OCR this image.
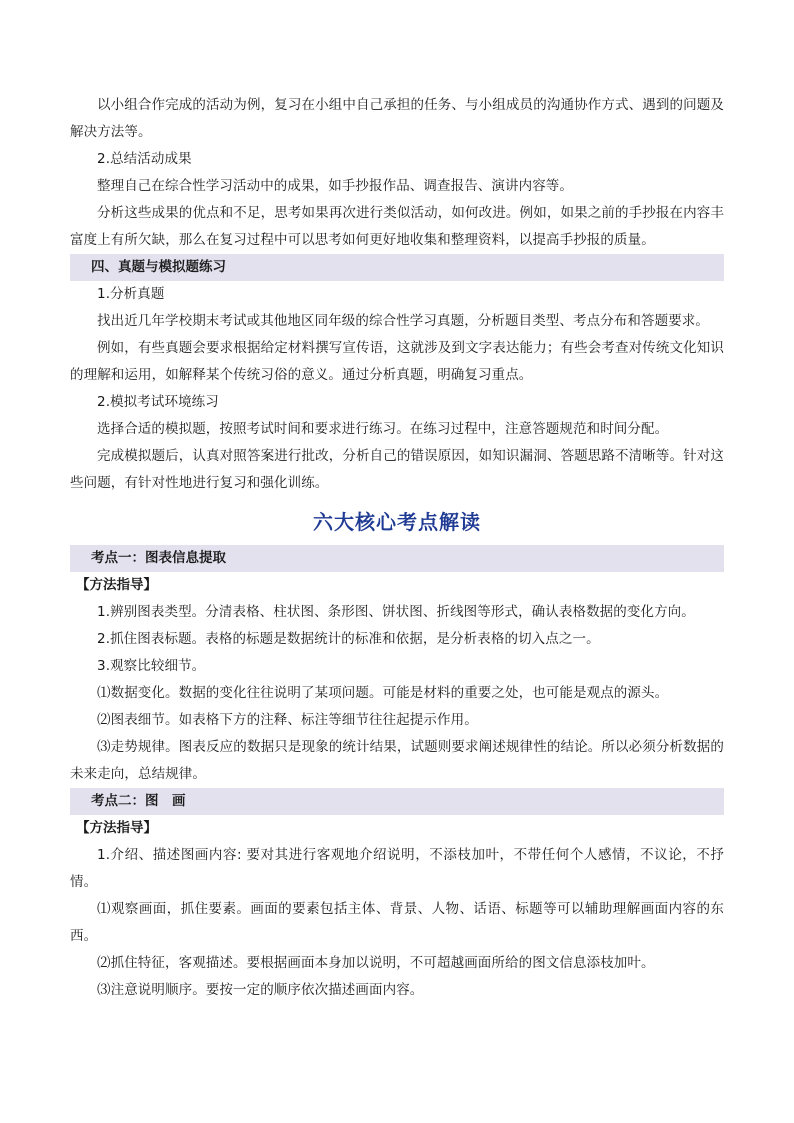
以小组合作完成的活动为例，复习在小组中自己承担的任务、与小组成员的沟通协作方式、遇到的问题及解决方法等。

2.总结活动成果

整理自己在综合性学习活动中的成果，如手抄报作品、调查报告、演讲内容等。

分析这些成果的优点和不足，思考如果再次进行类似活动，如何改进。例如，如果之前的手抄报在内容丰富度上有所欠缺，那么在复习过程中可以思考如何更好地收集和整理资料，以提高手抄报的质量。

四、真题与模拟题练习

1.分析真题

找出近几年学校期末考试或其他地区同年级的综合性学习真题，分析题目类型、考点分布和答题要求。

例如，有些真题会要求根据给定材料撰写宣传语，这就涉及到文字表达能力；有些会考查对传统文化知识的理解和运用，如解释某个传统习俗的意义。通过分析真题，明确复习重点。

2.模拟考试环境练习

选择合适的模拟题，按照考试时间和要求进行练习。在练习过程中，注意答题规范和时间分配。

完成模拟题后，认真对照答案进行批改，分析自己的错误原因，如知识漏洞、答题思路不清晰等。针对这些问题，有针对性地进行复习和强化训练。

六大核心考点解读
考点一：图表信息提取

【方法指导】

1.辨别图表类型。分清表格、柱状图、条形图、饼状图、折线图等形式，确认表格数据的变化方向。

2.抓住图表标题。表格的标题是数据统计的标准和依据，是分析表格的切入点之一。

3.观察比较细节。

⑴数据变化。数据的变化往往说明了某项问题。可能是材料的重要之处，也可能是观点的源头。

⑵图表细节。如表格下方的注释、标注等细节往往起提示作用。

⑶走势规律。图表反应的数据只是现象的统计结果，试题则要求阐述规律性的结论。所以必须分析数据的未来走向，总结规律。

考点二：图　画

【方法指导】

1.介绍、描述图画内容: 要对其进行客观地介绍说明，不添枝加叶，不带任何个人感情，不议论，不抒情。

⑴观察画面，抓住要素。画面的要素包括主体、背景、人物、话语、标题等可以辅助理解画面内容的东西。

⑵抓住特征，客观描述。要根据画面本身加以说明，不可超越画面所给的图文信息添枝加叶。

⑶注意说明顺序。要按一定的顺序依次描述画面内容。
